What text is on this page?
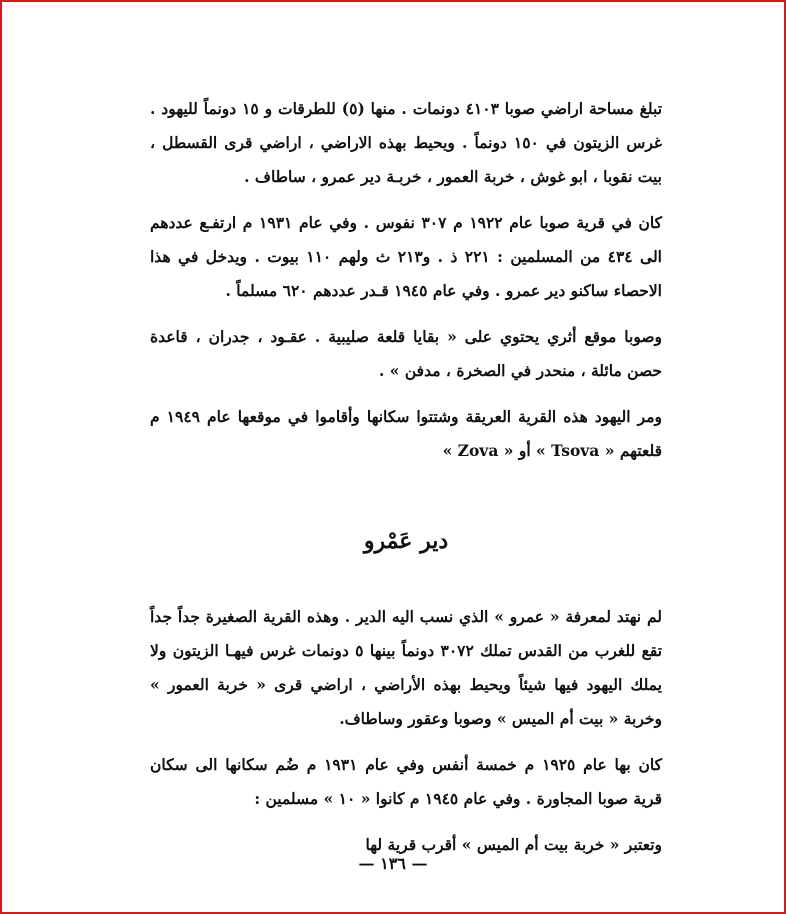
تبلغ مساحة اراضي صوبا ٤١٠٣ دونمات . منها (٥) للطرقات و ١٥ دونماً لليهود . غرس الزيتون في ١٥٠ دونماً . ويحيط بهذه الاراضي ، اراضي قرى القسطل ، بيت نقوبا ، ابو غوش ، خربة العمور ، خربـة دير عمرو ، ساطاف .

كان في قرية صوبا عام ١٩٢٢ م ٣٠٧ نفوس . وفي عام ١٩٣١ م ارتفـع عددهم الى ٤٣٤ من المسلمين : ٢٢١ ذ . و٢١٣ ث ولهم ١١٠ بيوت . ويدخل في هذا الاحصاء ساكنو دير عمرو . وفي عام ١٩٤٥ قـدر عددهم ٦٢٠ مسلماً .

وصوبا موقع أثري يحتوي على « بقايا قلعة صليبية . عقـود ، جدران ، قاعدة حصن مائلة ، منحدر في الصخرة ، مدفن » .

ومر اليهود هذه القرية العريقة وشتتوا سكانها وأقاموا في موقعها عام ١٩٤٩ م قلعتهم « Tsova » أو « Zova »

دير عَمْرو

لم نهتد لمعرفة « عمرو » الذي نسب اليه الدير . وهذه القرية الصغيرة جداً جداً تقع للغرب من القدس تملك ٣٠٧٢ دونماً بينها ٥ دونمات غرس فيهـا الزيتون ولا يملك اليهود فيها شيئاً ويحيط بهذه الأراضي ، اراضي قرى « خربة العمور » وخربة « بيت أم الميس » وصوبا وعقور وساطاف.

كان بها عام ١٩٢٥ م خمسة أنفس وفي عام ١٩٣١ م ضُم سكانها الى سكان قرية صوبا المجاورة . وفي عام ١٩٤٥ م كانوا « ١٠ » مسلمين :

وتعتبر « خربة بيت أم الميس » أقرب قرية لها

— ١٣٦ —
